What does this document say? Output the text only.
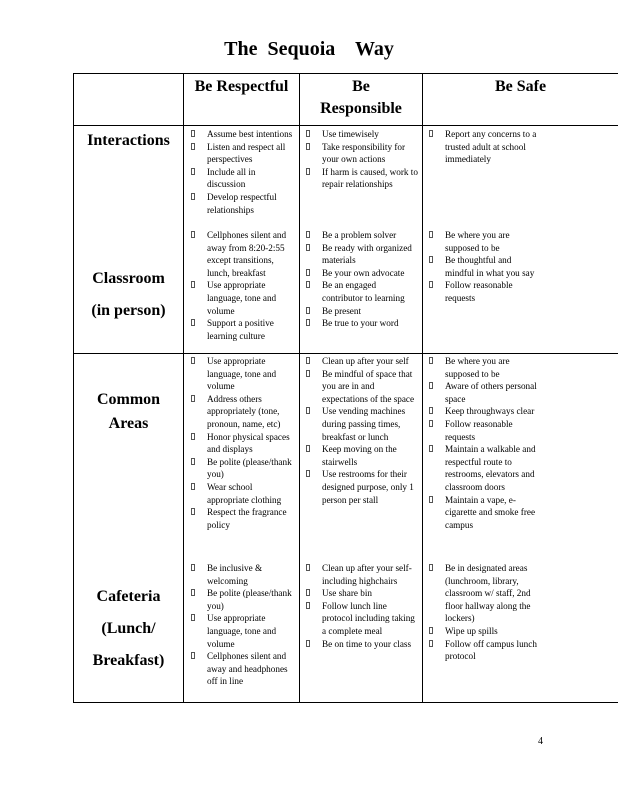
The  Sequoia    Way
Be Respectful	Be
Responsible
Be Safe
Interactions
Classroom
(in person)
Common
Areas
Cafeteria
(Lunch/
Breakfast)
Assume best intentions
Listen and respect all perspectives
Include all in discussion
Develop respectful relationships
Use timewisely
Take responsibility for your own actions
If harm is caused, work to repair relationships
Report any concerns to a trusted adult at school immediately
Cellphones silent and away from 8:20-2:55 except transitions, lunch, breakfast
Use appropriate language, tone and volume
Support a positive learning culture
Be a problem solver
Be ready with organized materials
Be your own advocate
Be an engaged contributor to learning
Be present
Be true to your word
Be where you are supposed to be
Be thoughtful and mindful in what you say
Follow reasonable requests
Use appropriate language, tone and volume
Address others appropriately (tone, pronoun, name, etc)
Honor physical spaces and displays
Be polite (please/thank you)
Wear school appropriate clothing
Respect the fragrance policy
Clean up after your self
Be mindful of space that you are in and expectations of the space
Use vending machines during passing times, breakfast or lunch
Keep moving on the stairwells
Use restrooms for their designed purpose, only 1 person per stall
Be where you are supposed to be
Aware of others personal space
Keep throughways clear
Follow reasonable requests
Maintain a walkable and respectful route to restrooms, elevators and classroom doors
Maintain a vape, e-cigarette and smoke free campus
Be inclusive & welcoming
Be polite (please/thank you)
Use appropriate language, tone and volume
Cellphones silent and away and headphones off in line
Clean up after your self-including highchairs
Use share bin
Follow lunch line protocol including taking a complete meal
Be on time to your class
Be in designated areas (lunchroom, library, classroom w/ staff, 2nd floor hallway along the lockers)
Wipe up spills
Follow off campus lunch protocol
4
